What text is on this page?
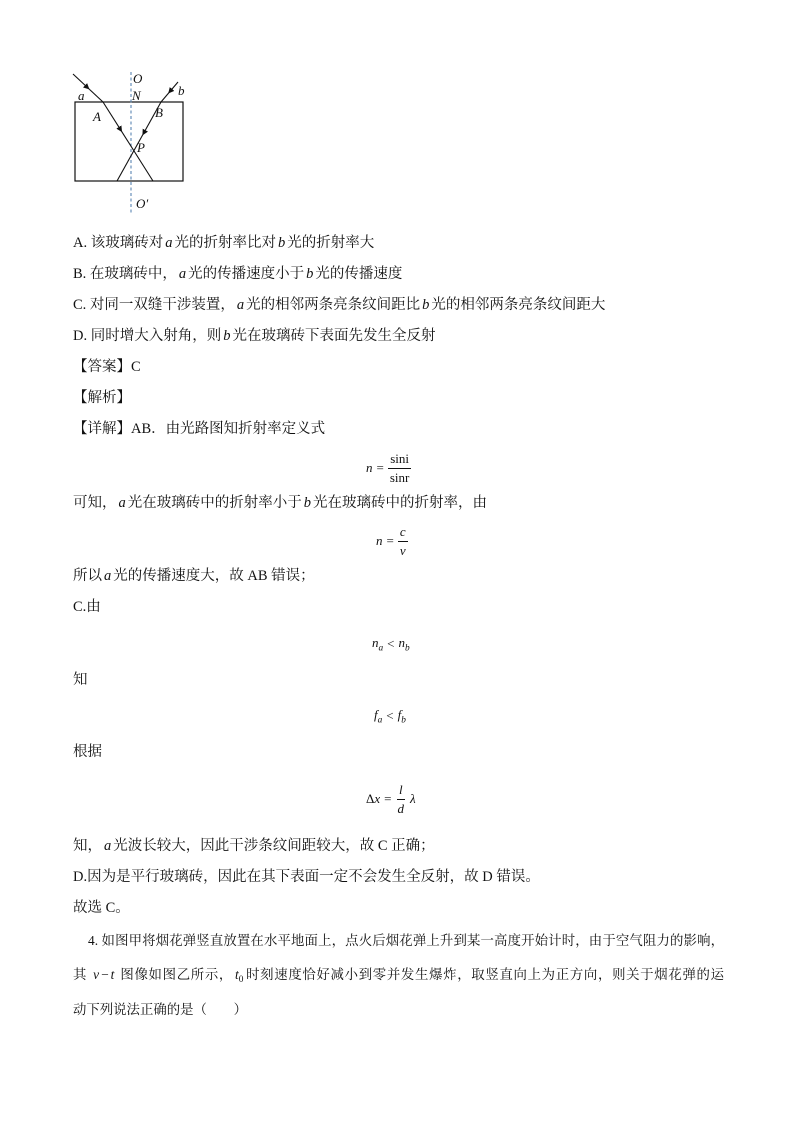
O
N
a	b
A	B
P
O′
A. 该玻璃砖对 a 光的折射率比对 b 光的折射率大
B. 在玻璃砖中， a 光的传播速度小于 b 光的传播速度
C. 对同一双缝干涉装置， a 光的相邻两条亮条纹间距比 b 光的相邻两条亮条纹间距大
D. 同时增大入射角，则 b 光在玻璃砖下表面先发生全反射
【答案】C
【解析】
【详解】AB．由光路图知折射率定义式
$n = \frac{\sin i}{\sin r}$
可知， a 光在玻璃砖中的折射率小于 b 光在玻璃砖中的折射率，由
$n = \frac{c}{v}$
所以 a 光的传播速度大，故 AB 错误；
C.由
$n_a < n_b$
知
$f_a < f_b$
根据
$\Delta x = \frac{l}{d}$ λ
知， a 光波长较大，因此干涉条纹间距较大，故 C 正确；
D.因为是平行玻璃砖，因此在其下表面一定不会发生全反射，故 D 错误。
故选 C。
4. 如图甲将烟花弹竖直放置在水平地面上，点火后烟花弹上升到某一高度开始计时，由于空气阻力的影响，
其 v − t 图像如图乙所示， $t_0$ 时刻速度恰好减小到零并发生爆炸，取竖直向上为正方向，则关于烟花弹的运
动下列说法正确的是（　　）
